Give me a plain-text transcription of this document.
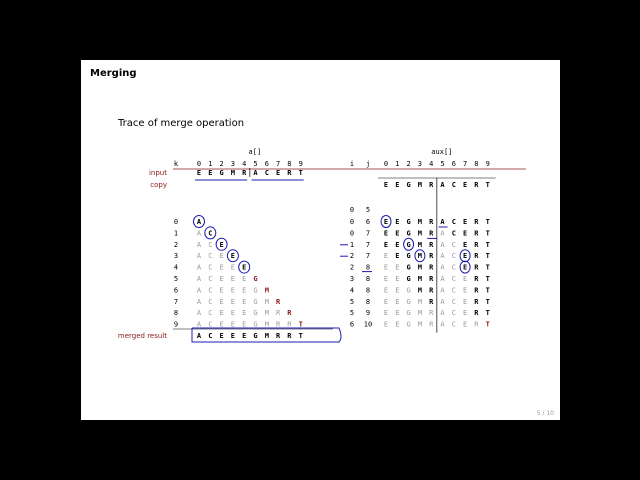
Merging
Trace of merge operation
a[]	aux[]
k	0 1 2 3 4 5 6 7 8 9	i j 0 1 2 3 4 5 6 7 8 9
input	E E G M R A C E R T
copy	E E G M R A C E R T
0 5
0	A	0 6 E E G M R A C E R T
1	A C	0 7 E E G M R A C E R T
2	A C E	1 7 E E G M R A C E R T
3	A C E E	2 7 E E G M R A C E R T
4	A C E E E	2 8 E E G M R A C E R T
5	A C E E E G	3 8 E E G M R A C E R T
6	A C E E E G M	4 8 E E G M R A C E R T
7	A C E E E G M R	5 8 E E G M R A C E R T
8	A C E E E G M R R	5 9 E E G M R A C E R T
9	A C E E E G M R R T	6 10 E E G M R A C E R T
merged result	A C E E E G M R R T
5 / 10
